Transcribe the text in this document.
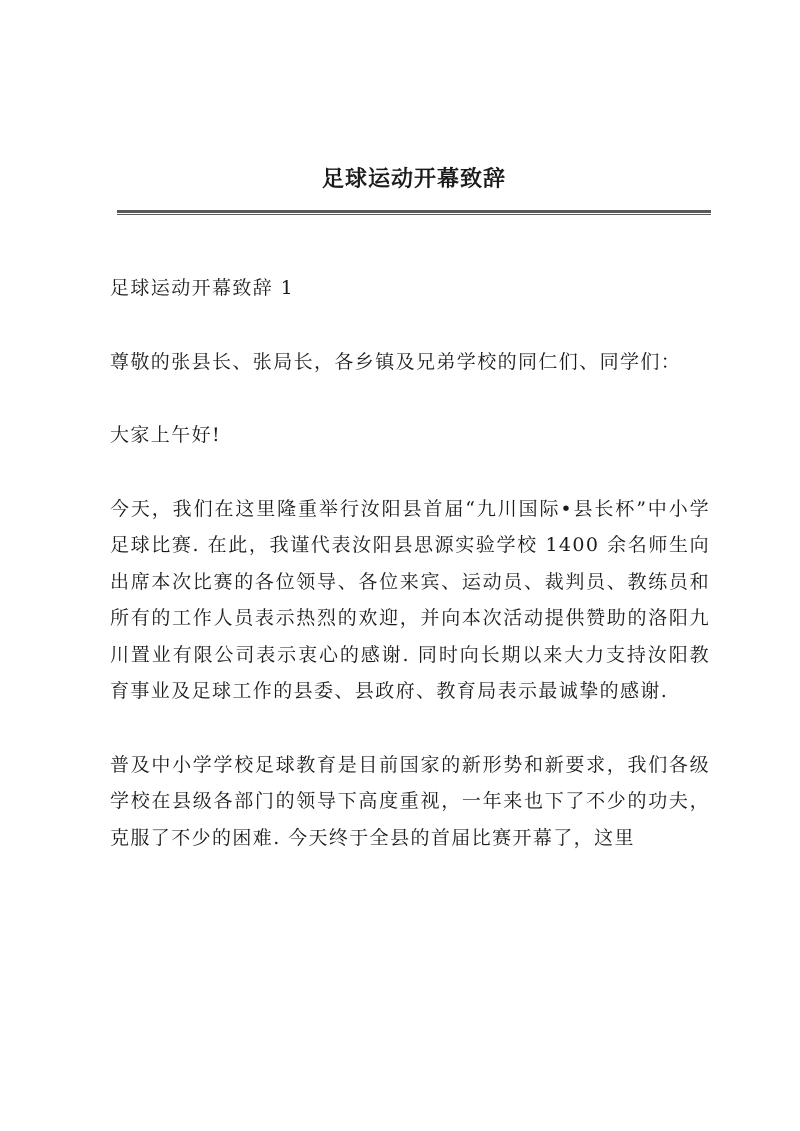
足球运动开幕致辞

足球运动开幕致辞 1

尊敬的张县长、张局长，各乡镇及兄弟学校的同仁们、同学们：

大家上午好!

今天，我们在这里隆重举行汝阳县首届“九川国际•县长杯”中小学足球比赛. 在此，我谨代表汝阳县思源实验学校 1400 余名师生向出席本次比赛的各位领导、各位来宾、运动员、裁判员、教练员和所有的工作人员表示热烈的欢迎，并向本次活动提供赞助的洛阳九川置业有限公司表示衷心的感谢. 同时向长期以来大力支持汝阳教育事业及足球工作的县委、县政府、教育局表示最诚挚的感谢.

普及中小学学校足球教育是目前国家的新形势和新要求，我们各级学校在县级各部门的领导下高度重视，一年来也下了不少的功夫，克服了不少的困难. 今天终于全县的首届比赛开幕了，这里
